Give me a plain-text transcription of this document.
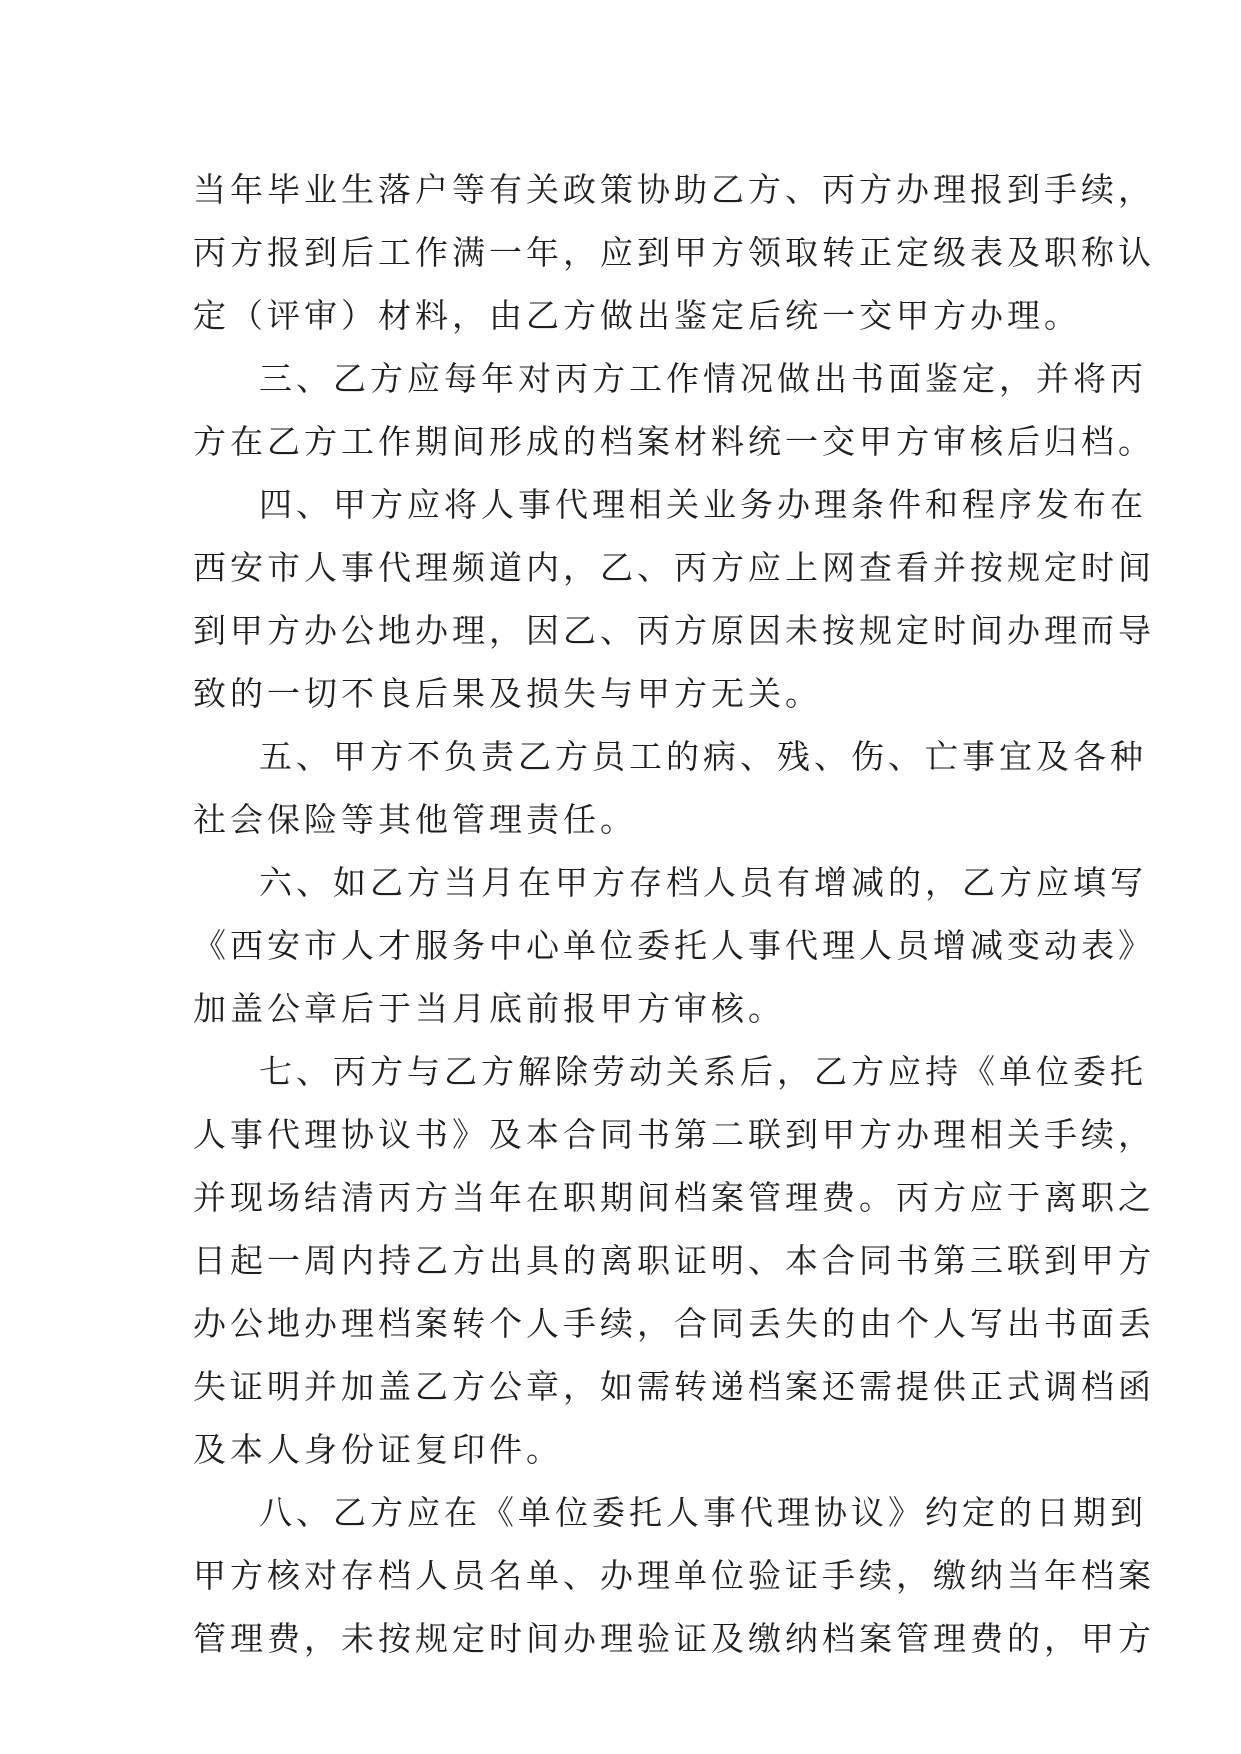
当年毕业生落户等有关政策协助乙方、丙方办理报到手续，
丙方报到后工作满一年，应到甲方领取转正定级表及职称认
定（评审）材料，由乙方做出鉴定后统一交甲方办理。
三、乙方应每年对丙方工作情况做出书面鉴定，并将丙
方在乙方工作期间形成的档案材料统一交甲方审核后归档。
四、甲方应将人事代理相关业务办理条件和程序发布在
西安市人事代理频道内，乙、丙方应上网查看并按规定时间
到甲方办公地办理，因乙、丙方原因未按规定时间办理而导
致的一切不良后果及损失与甲方无关。
五、甲方不负责乙方员工的病、残、伤、亡事宜及各种
社会保险等其他管理责任。
六、如乙方当月在甲方存档人员有增减的，乙方应填写
《西安市人才服务中心单位委托人事代理人员增减变动表》
加盖公章后于当月底前报甲方审核。
七、丙方与乙方解除劳动关系后，乙方应持《单位委托
人事代理协议书》及本合同书第二联到甲方办理相关手续，
并现场结清丙方当年在职期间档案管理费。丙方应于离职之
日起一周内持乙方出具的离职证明、本合同书第三联到甲方
办公地办理档案转个人手续，合同丢失的由个人写出书面丢
失证明并加盖乙方公章，如需转递档案还需提供正式调档函
及本人身份证复印件。
八、乙方应在《单位委托人事代理协议》约定的日期到
甲方核对存档人员名单、办理单位验证手续，缴纳当年档案
管理费，未按规定时间办理验证及缴纳档案管理费的，甲方
